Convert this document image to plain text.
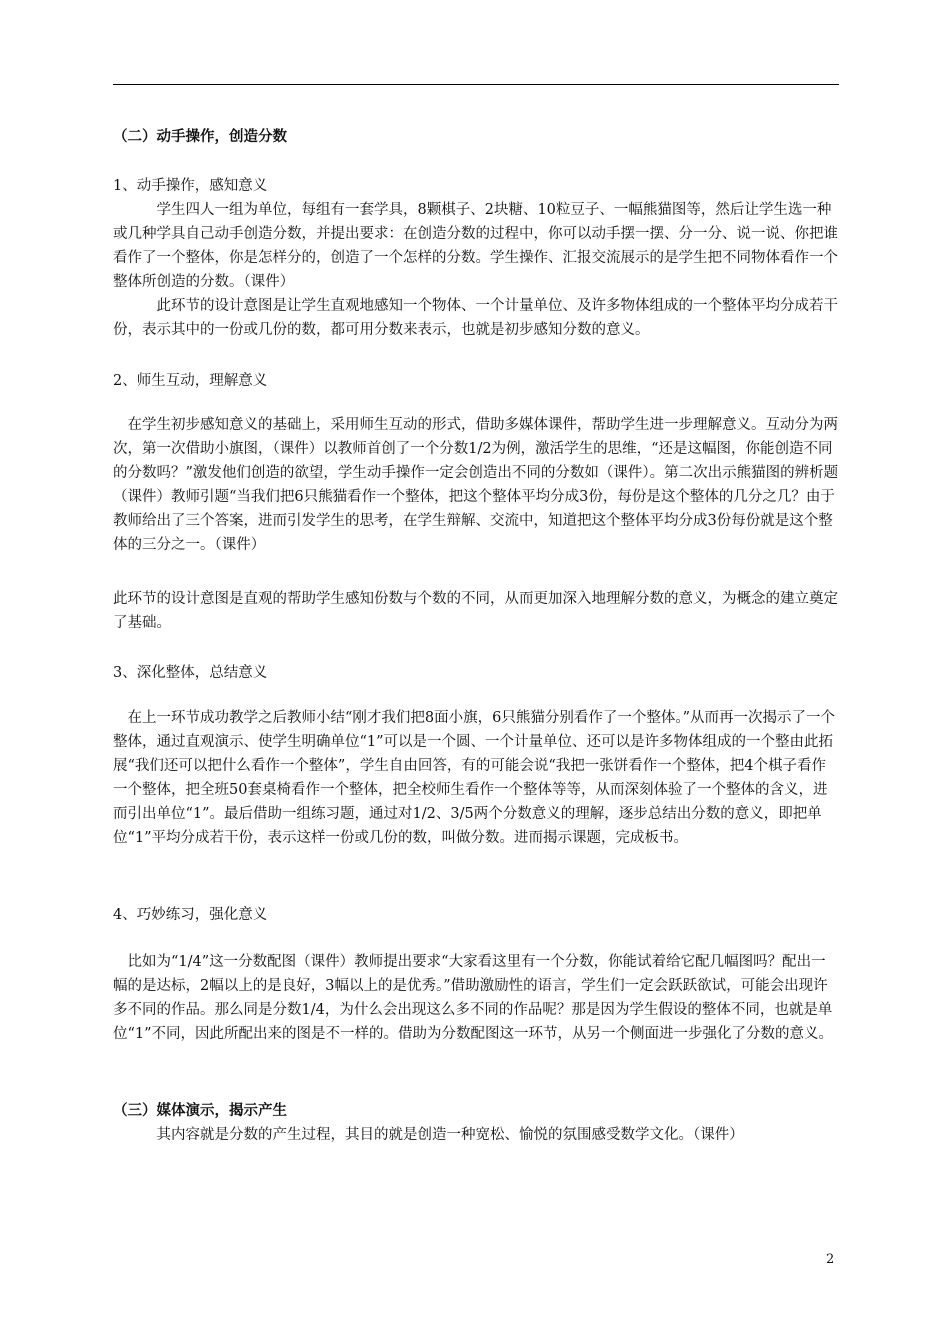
（二）动手操作，创造分数

1、动手操作，感知意义

　　　学生四人一组为单位，每组有一套学具，8颗棋子、2块糖、10粒豆子、一幅熊猫图等，然后让学生选一种或几种学具自己动手创造分数，并提出要求：在创造分数的过程中，你可以动手摆一摆、分一分、说一说、你把谁看作了一个整体，你是怎样分的，创造了一个怎样的分数。学生操作、汇报交流展示的是学生把不同物体看作一个整体所创造的分数。（课件）

　　　此环节的设计意图是让学生直观地感知一个物体、一个计量单位、及许多物体组成的一个整体平均分成若干份，表示其中的一份或几份的数，都可用分数来表示，也就是初步感知分数的意义。

2、师生互动，理解意义

　在学生初步感知意义的基础上，采用师生互动的形式，借助多媒体课件，帮助学生进一步理解意义。互动分为两次，第一次借助小旗图，（课件）以教师首创了一个分数1/2为例，激活学生的思维，“还是这幅图，你能创造不同的分数吗？”激发他们创造的欲望，学生动手操作一定会创造出不同的分数如（课件）。第二次出示熊猫图的辨析题（课件）教师引题“当我们把6只熊猫看作一个整体，把这个整体平均分成3份，每份是这个整体的几分之几？由于教师给出了三个答案，进而引发学生的思考，在学生辩解、交流中，知道把这个整体平均分成3份每份就是这个整体的三分之一。（课件）

此环节的设计意图是直观的帮助学生感知份数与个数的不同，从而更加深入地理解分数的意义，为概念的建立奠定了基础。

3、深化整体，总结意义

　在上一环节成功教学之后教师小结“刚才我们把8面小旗，6只熊猫分别看作了一个整体。”从而再一次揭示了一个整体，通过直观演示、使学生明确单位“1”可以是一个圆、一个计量单位、还可以是许多物体组成的一个整由此拓展“我们还可以把什么看作一个整体”，学生自由回答，有的可能会说“我把一张饼看作一个整体，把4个棋子看作一个整体，把全班50套桌椅看作一个整体，把全校师生看作一个整体等等，从而深刻体验了一个整体的含义，进而引出单位“1”。最后借助一组练习题，通过对1/2、3/5两个分数意义的理解，逐步总结出分数的意义，即把单位“1”平均分成若干份，表示这样一份或几份的数，叫做分数。进而揭示课题，完成板书。

4、巧妙练习，强化意义

　比如为“1/4”这一分数配图（课件）教师提出要求“大家看这里有一个分数，你能试着给它配几幅图吗？配出一幅的是达标，2幅以上的是良好，3幅以上的是优秀。”借助激励性的语言，学生们一定会跃跃欲试，可能会出现许多不同的作品。那么同是分数1/4，为什么会出现这么多不同的作品呢？那是因为学生假设的整体不同，也就是单位“1”不同，因此所配出来的图是不一样的。借助为分数配图这一环节，从另一个侧面进一步强化了分数的意义。

（三）媒体演示，揭示产生

　　　其内容就是分数的产生过程，其目的就是创造一种宽松、愉悦的氛围感受数学文化。（课件）

2
